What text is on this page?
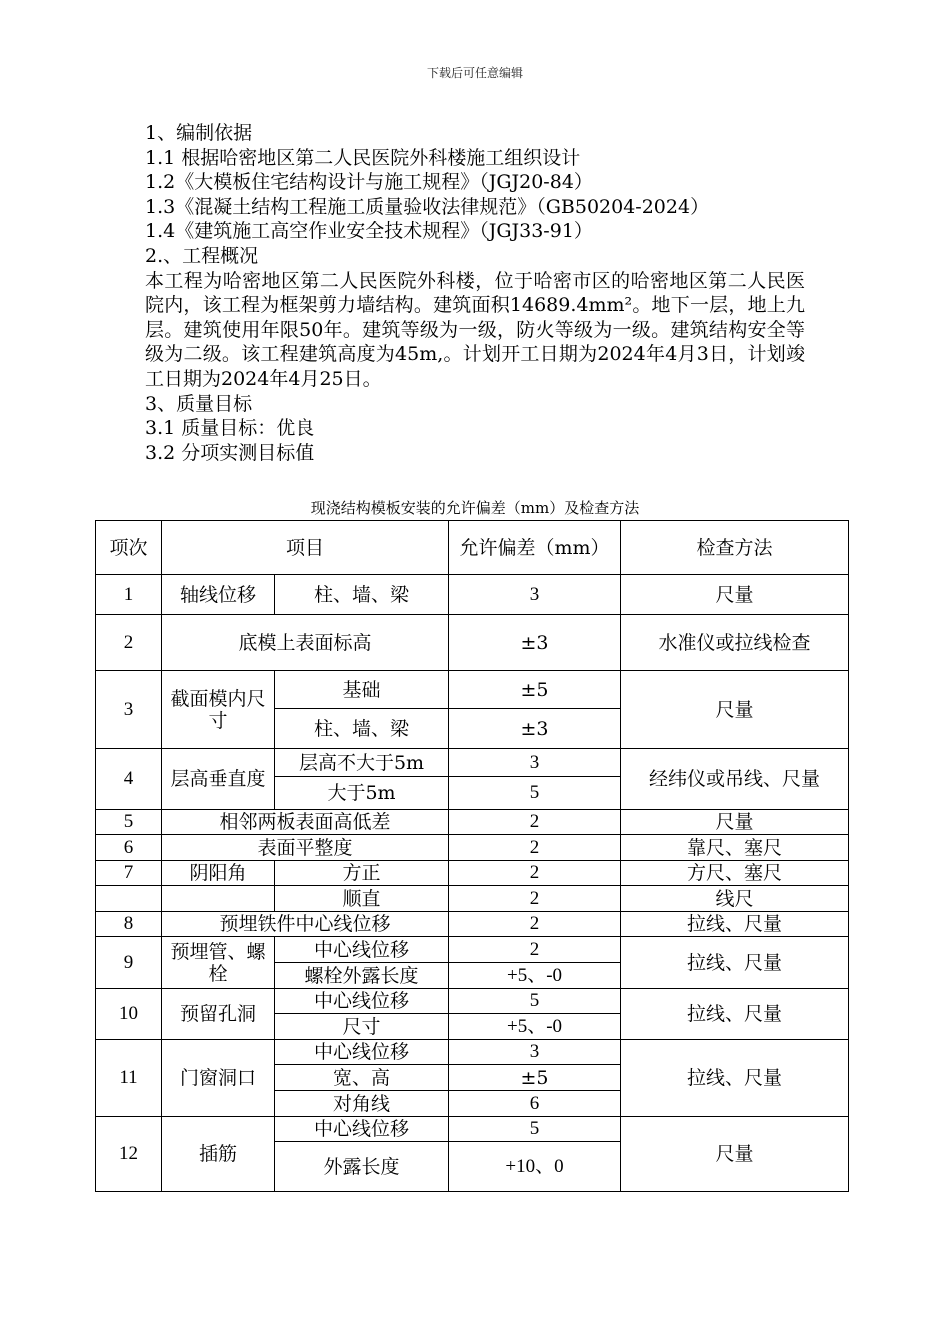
下载后可任意编辑

1、编制依据

1.1 根据哈密地区第二人民医院外科楼施工组织设计

1.2《大模板住宅结构设计与施工规程》（JGJ20-84）

1.3《混凝土结构工程施工质量验收法律规范》（GB50204-2024）

1.4《建筑施工高空作业安全技术规程》（JGJ33-91）

2.、工程概况

本工程为哈密地区第二人民医院外科楼，位于哈密市区的哈密地区第二人民医院内，该工程为框架剪力墙结构。建筑面积14689.4mm²。地下一层，地上九层。建筑使用年限50年。建筑等级为一级，防火等级为一级。建筑结构安全等级为二级。该工程建筑高度为45m,。计划开工日期为2024年4月3日，计划竣工日期为2024年4月25日。

3、质量目标

3.1 质量目标：优良

3.2 分项实测目标值

现浇结构模板安装的允许偏差（mm）及检查方法
项次	项目		允许偏差（mm）	检查方法
1	轴线位移	柱、墙、梁	3	尺量
2	底模上表面标高		±3	水准仪或拉线检查
3	截面模内尺寸	基础	±5	尺量
		柱、墙、梁	±3	
4	层高垂直度	层高不大于5m	3	经纬仪或吊线、尺量
		大于5m	5	
5	相邻两板表面高低差		2	尺量
6	表面平整度		2	靠尺、塞尺
7	阴阳角	方正	2	方尺、塞尺
		顺直	2	线尺
8	预埋铁件中心线位移		2	拉线、尺量
9	预埋管、螺栓	中心线位移	2	拉线、尺量
		螺栓外露长度	+5、-0	
10	预留孔洞	中心线位移	5	拉线、尺量
		尺寸	+5、-0	
11	门窗洞口	中心线位移	3	拉线、尺量
		宽、高	±5	
		对角线	6	
12	插筋	中心线位移	5	尺量
		外露长度	+10、0	
